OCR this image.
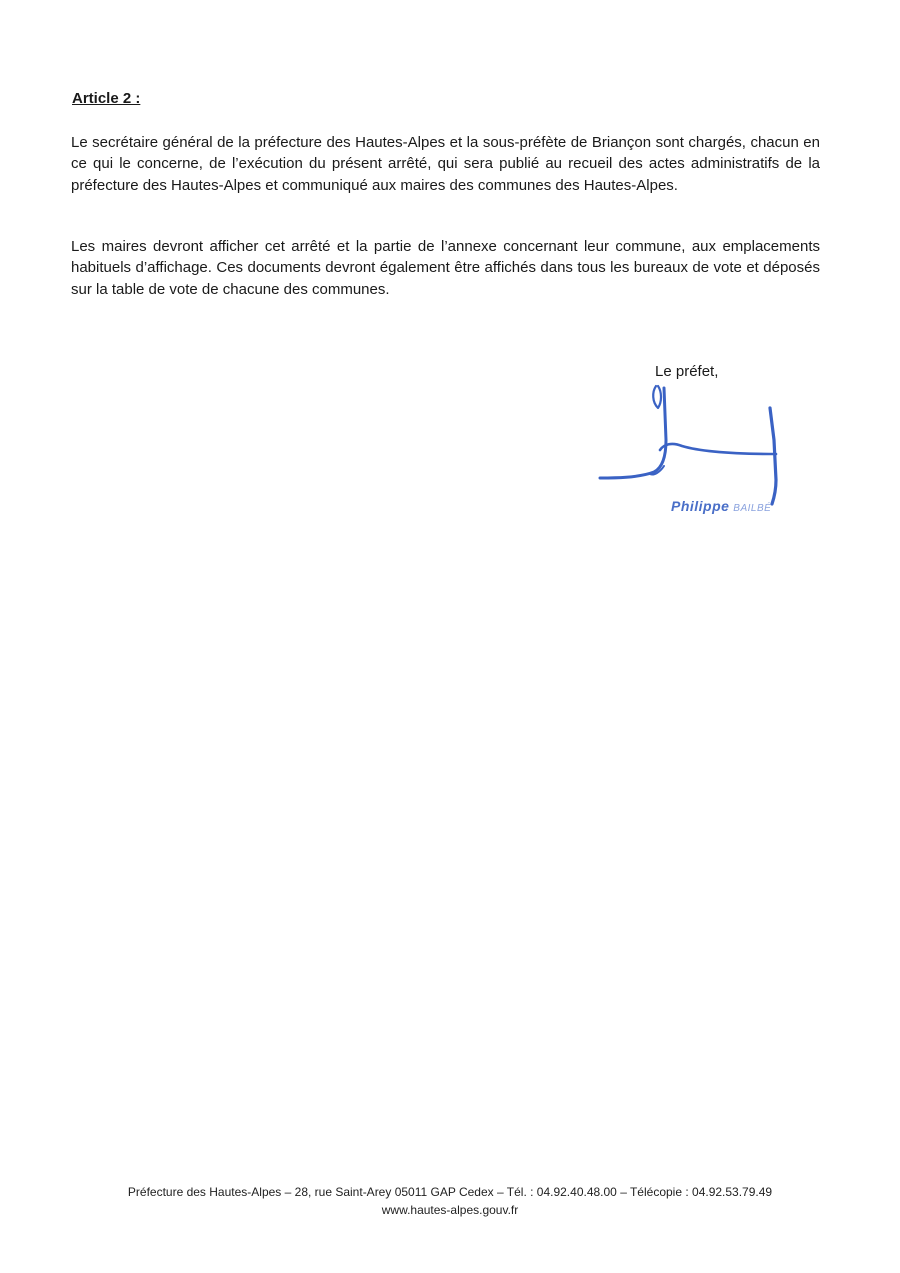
Article 2 :

Le secrétaire général de la préfecture des Hautes-Alpes et la sous-préfète de Briançon sont chargés, chacun en ce qui le concerne, de l’exécution du présent arrêté, qui sera publié au recueil des actes administratifs de la préfecture des Hautes-Alpes et communiqué aux maires des communes des Hautes-Alpes.

Les maires devront afficher cet arrêté et la partie de l’annexe concernant leur commune, aux emplacements habituels d’affichage. Ces documents devront également être affichés dans tous les bureaux de vote et déposés sur la table de vote de chacune des communes.

Le préfet,
Philippe BAILBÉ
Préfecture des Hautes-Alpes – 28, rue Saint-Arey 05011 GAP Cedex – Tél. : 04.92.40.48.00 – Télécopie : 04.92.53.79.49
www.hautes-alpes.gouv.fr
